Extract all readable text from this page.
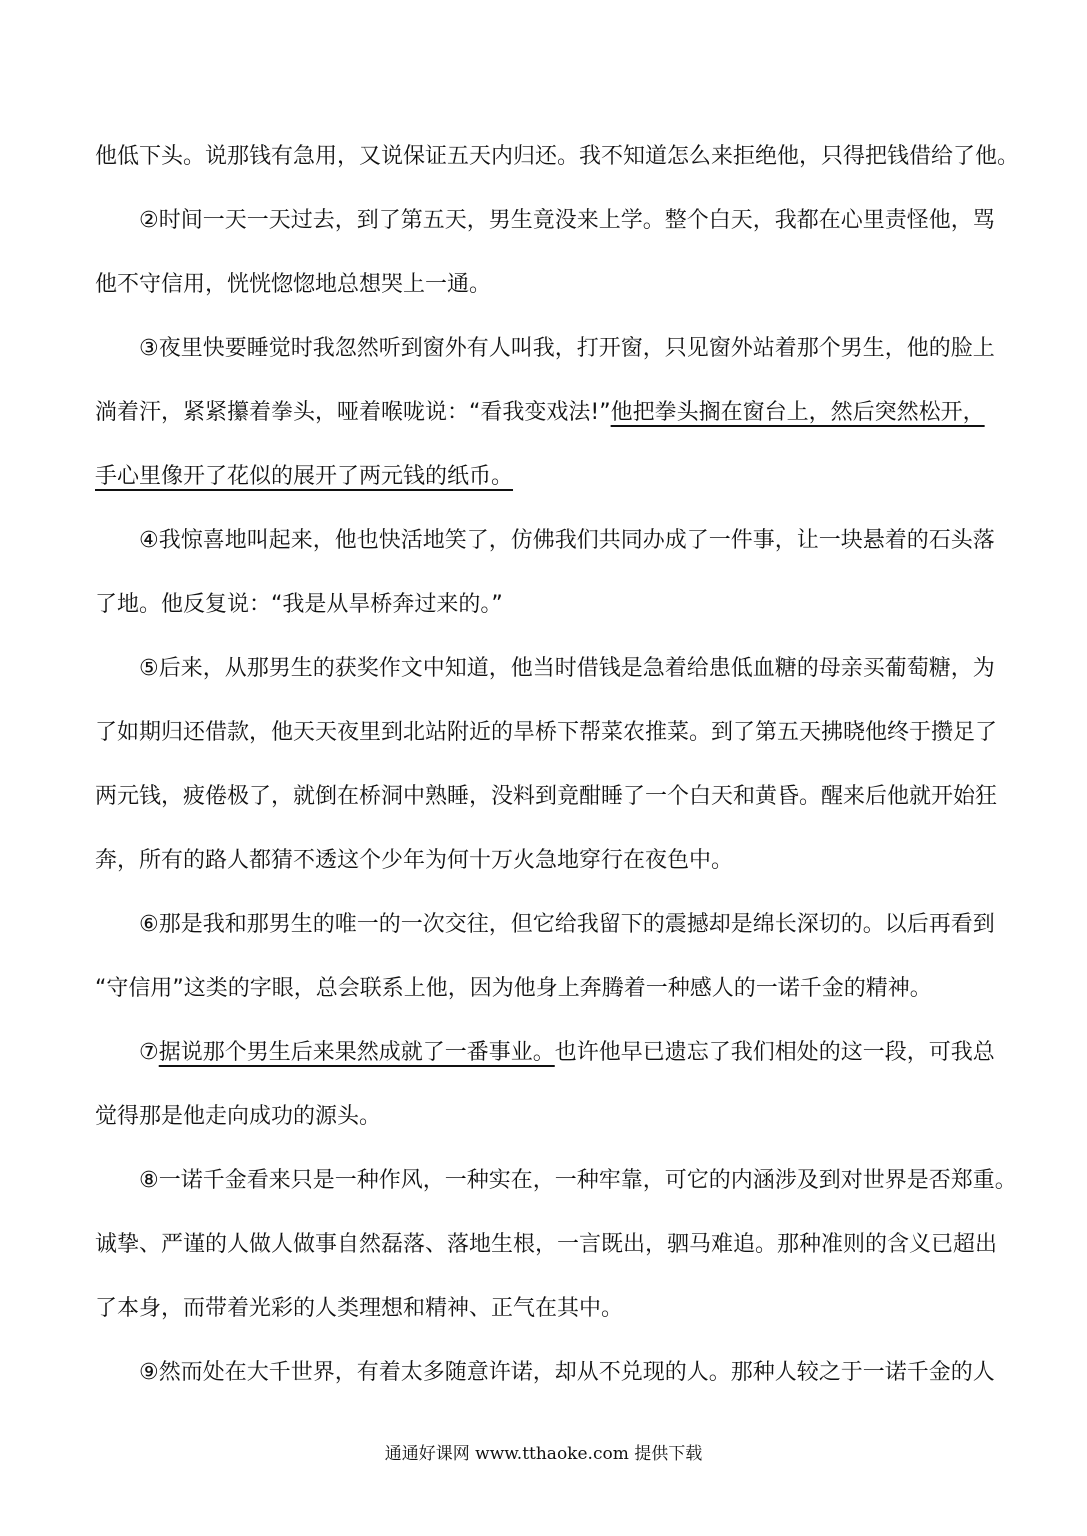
他低下头。说那钱有急用，又说保证五天内归还。我不知道怎么来拒绝他，只得把钱借给了他。
②时间一天一天过去，到了第五天，男生竟没来上学。整个白天，我都在心里责怪他，骂
他不守信用，恍恍惚惚地总想哭上一通。
③夜里快要睡觉时我忽然听到窗外有人叫我，打开窗，只见窗外站着那个男生，他的脸上
淌着汗，紧紧攥着拳头，哑着喉咙说：“看我变戏法!”他把拳头搁在窗台上，然后突然松开，
手心里像开了花似的展开了两元钱的纸币。
④我惊喜地叫起来，他也快活地笑了，仿佛我们共同办成了一件事，让一块悬着的石头落
了地。他反复说：“我是从旱桥奔过来的。”
⑤后来，从那男生的获奖作文中知道，他当时借钱是急着给患低血糖的母亲买葡萄糖，为
了如期归还借款，他天天夜里到北站附近的旱桥下帮菜农推菜。到了第五天拂晓他终于攒足了
两元钱，疲倦极了，就倒在桥洞中熟睡，没料到竟酣睡了一个白天和黄昏。醒来后他就开始狂
奔，所有的路人都猜不透这个少年为何十万火急地穿行在夜色中。
⑥那是我和那男生的唯一的一次交往，但它给我留下的震撼却是绵长深切的。以后再看到
“守信用”这类的字眼，总会联系上他，因为他身上奔腾着一种感人的一诺千金的精神。
⑦据说那个男生后来果然成就了一番事业。也许他早已遗忘了我们相处的这一段，可我总
觉得那是他走向成功的源头。
⑧一诺千金看来只是一种作风，一种实在，一种牢靠，可它的内涵涉及到对世界是否郑重。
诚挚、严谨的人做人做事自然磊落、落地生根，一言既出，驷马难追。那种准则的含义已超出
了本身，而带着光彩的人类理想和精神、正气在其中。
⑨然而处在大千世界，有着太多随意许诺，却从不兑现的人。那种人较之于一诺千金的人
通通好课网 www.tthaoke.com 提供下载
